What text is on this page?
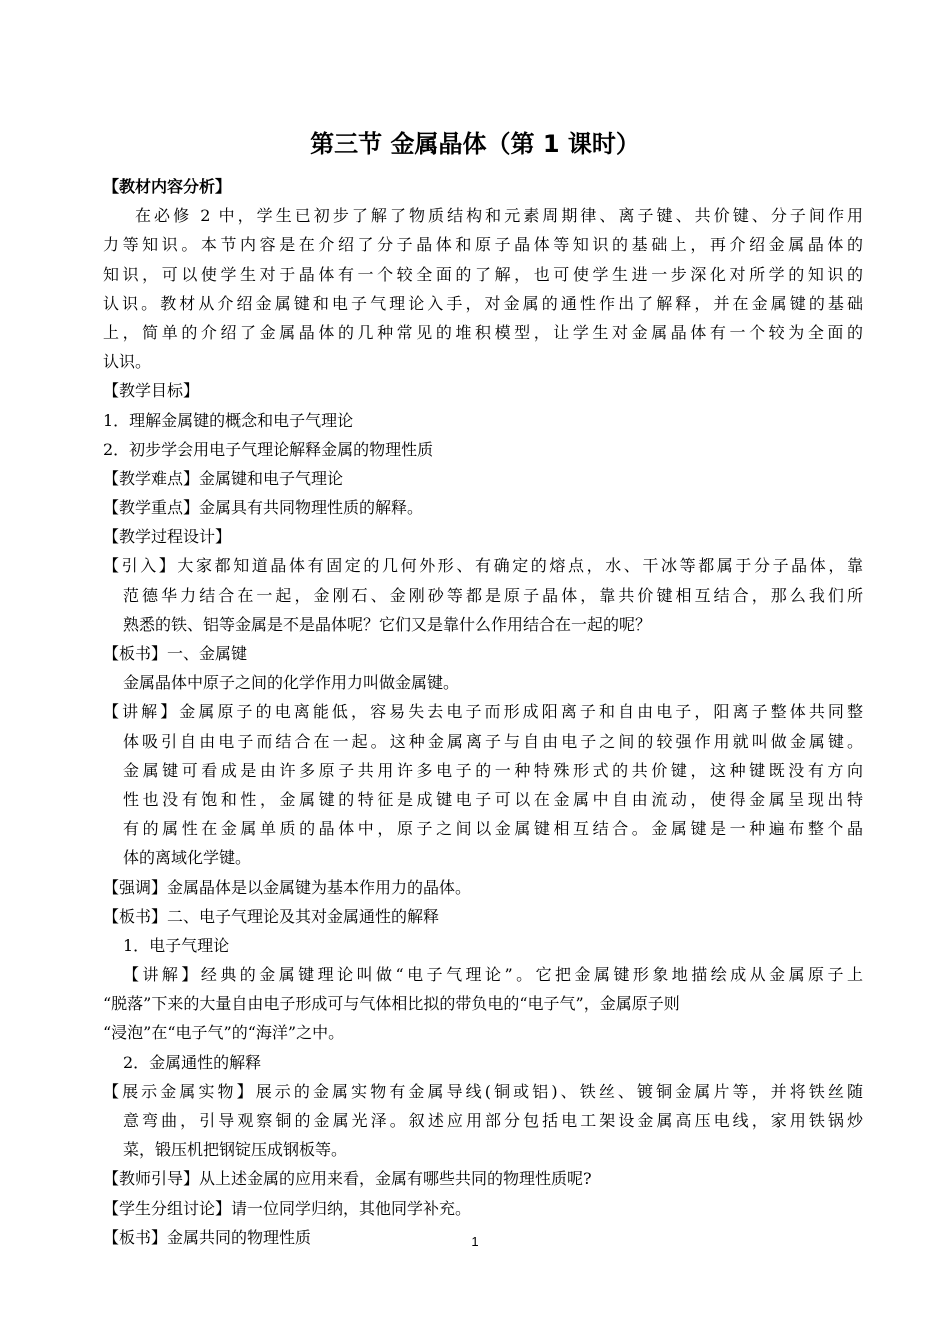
第三节 金属晶体（第 1 课时）
【教材内容分析】
在必修 2 中，学生已初步了解了物质结构和元素周期律、离子键、共价键、分子间作用
力等知识。本节内容是在介绍了分子晶体和原子晶体等知识的基础上，再介绍金属晶体的
知识，可以使学生对于晶体有一个较全面的了解，也可使学生进一步深化对所学的知识的
认识。教材从介绍金属键和电子气理论入手，对金属的通性作出了解释，并在金属键的基础
上，简单的介绍了金属晶体的几种常见的堆积模型，让学生对金属晶体有一个较为全面的
认识。
【教学目标】
1．理解金属键的概念和电子气理论
2．初步学会用电子气理论解释金属的物理性质
【教学难点】金属键和电子气理论
【教学重点】金属具有共同物理性质的解释。
【教学过程设计】
【引入】大家都知道晶体有固定的几何外形、有确定的熔点，水、干冰等都属于分子晶体，靠
范德华力结合在一起，金刚石、金刚砂等都是原子晶体，靠共价键相互结合，那么我们所
熟悉的铁、铝等金属是不是晶体呢？它们又是靠什么作用结合在一起的呢？
【板书】一、金属键
金属晶体中原子之间的化学作用力叫做金属键。
【讲解】金属原子的电离能低，容易失去电子而形成阳离子和自由电子，阳离子整体共同整
体吸引自由电子而结合在一起。这种金属离子与自由电子之间的较强作用就叫做金属键。
金属键可看成是由许多原子共用许多电子的一种特殊形式的共价键，这种键既没有方向
性也没有饱和性，金属键的特征是成键电子可以在金属中自由流动，使得金属呈现出特
有的属性在金属单质的晶体中，原子之间以金属键相互结合。金属键是一种遍布整个晶
体的离域化学键。
【强调】金属晶体是以金属键为基本作用力的晶体。
【板书】二、电子气理论及其对金属通性的解释
1．电子气理论
【讲解】经典的金属键理论叫做“电子气理论”。它把金属键形象地描绘成从金属原子上
“脱落”下来的大量自由电子形成可与气体相比拟的带负电的“电子气”，金属原子则
“浸泡”在“电子气”的“海洋”之中。
2．金属通性的解释
【展示金属实物】展示的金属实物有金属导线(铜或铝)、铁丝、镀铜金属片等，并将铁丝随
意弯曲，引导观察铜的金属光泽。叙述应用部分包括电工架设金属高压电线，家用铁锅炒
菜，锻压机把钢锭压成钢板等。
【教师引导】从上述金属的应用来看，金属有哪些共同的物理性质呢?
【学生分组讨论】请一位同学归纳，其他同学补充。
【板书】金属共同的物理性质	1
